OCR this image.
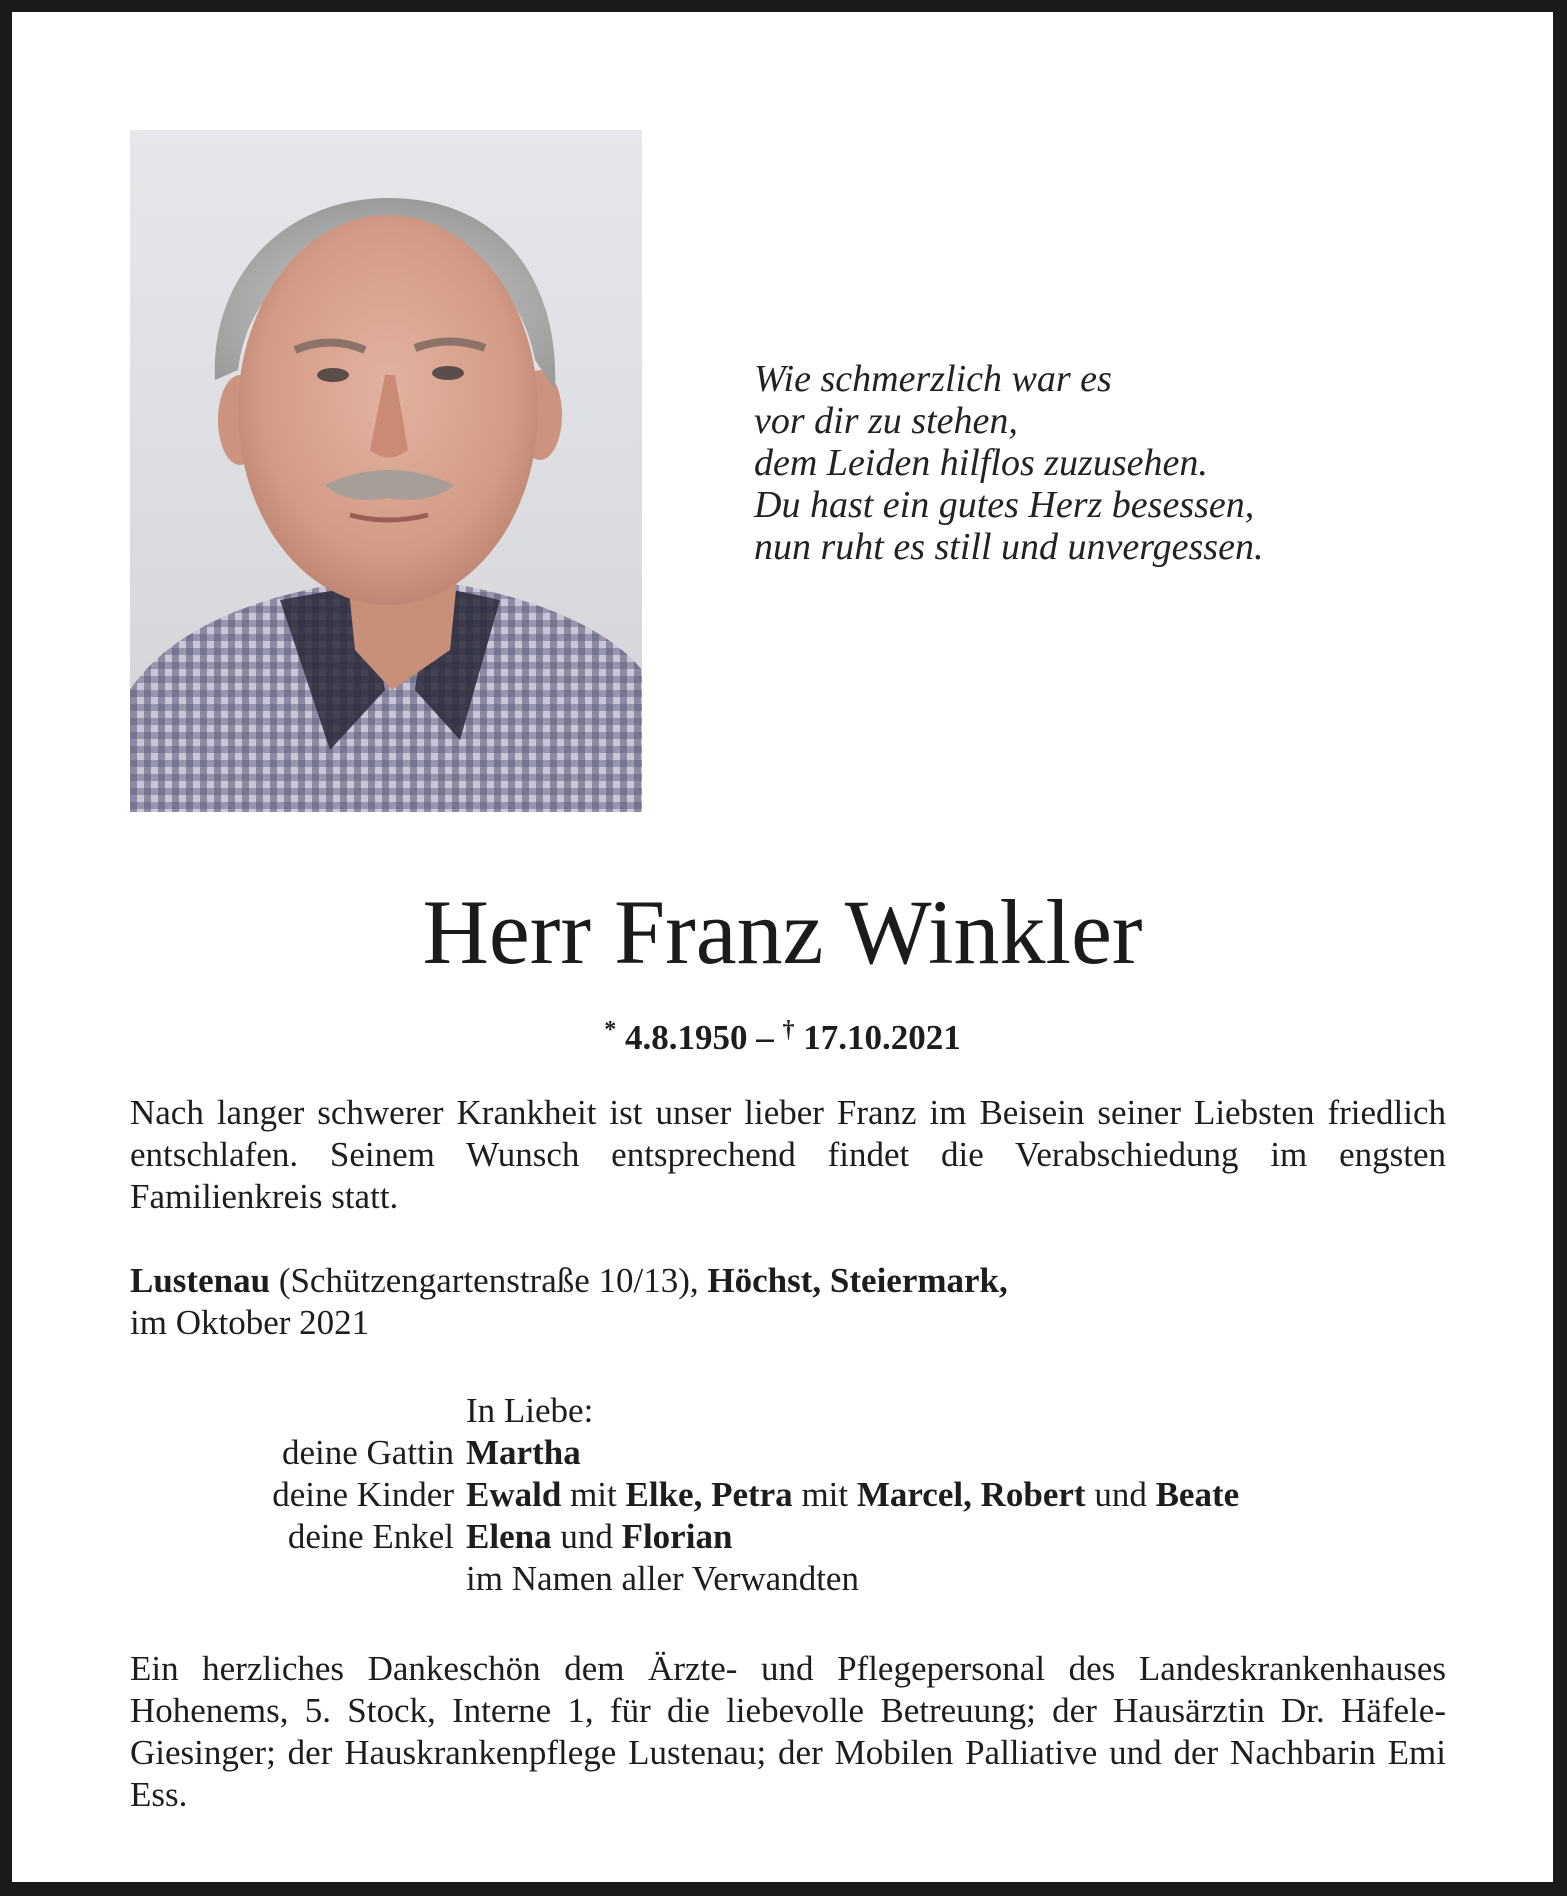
Wie schmerzlich war es
vor dir zu stehen,
dem Leiden hilflos zuzusehen.
Du hast ein gutes Herz besessen,
nun ruht es still und unvergessen.
Herr Franz Winkler
* 4.8.1950 – † 17.10.2021
Nach langer schwerer Krankheit ist unser lieber Franz im Beisein seiner Liebsten friedlich entschlafen. Seinem Wunsch entsprechend findet die Verabschiedung im engsten Familienkreis statt.
Lustenau (Schützengartenstraße 10/13), Höchst, Steiermark,
im Oktober 2021
In Liebe:
deine Gattin Martha
deine Kinder Ewald mit Elke, Petra mit Marcel, Robert und Beate
deine Enkel Elena und Florian
im Namen aller Verwandten
Ein herzliches Dankeschön dem Ärzte- und Pflegepersonal des Landeskrankenhauses Hohenems, 5. Stock, Interne 1, für die liebevolle Betreuung; der Hausärztin Dr. Häfele-Giesinger; der Hauskrankenpflege Lustenau; der Mobilen Palliative und der Nachbarin Emi Ess.
